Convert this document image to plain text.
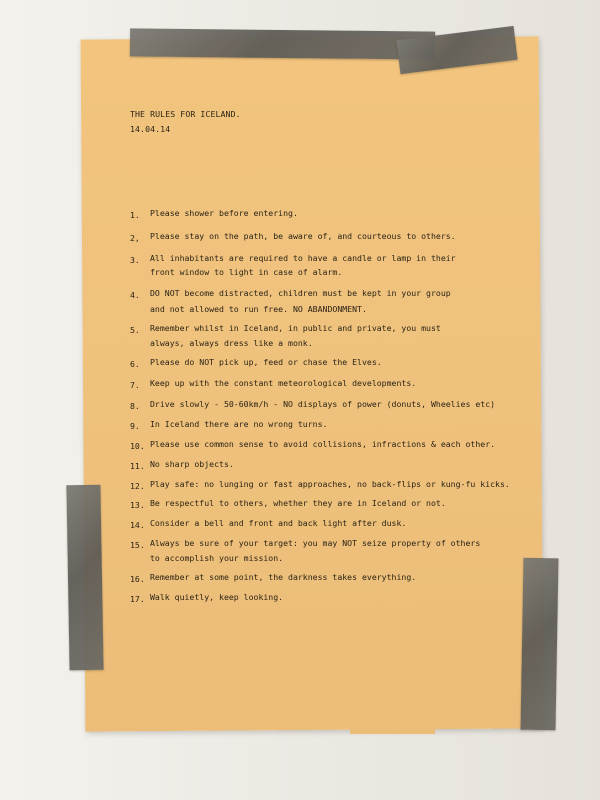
THE RULES FOR ICELAND.
14.04.14
1. Please shower before entering.
2, Please stay on the path, be aware of, and courteous to others.
3. All inhabitants are required to have a candle or lamp in their
front window to light in case of alarm.
4. DO NOT become distracted, children must be kept in your group
and not allowed to run free. NO ABANDONMENT.
5. Remember whilst in Iceland, in public and private, you must
always, always dress like a monk.
6. Please do NOT pick up, feed or chase the Elves.
7. Keep up with the constant meteorological developments.
8. Drive slowly - 50-60km/h - NO displays of power (donuts, Wheelies etc)
9. In Iceland there are no wrong turns.
10. Please use common sense to avoid collisions, infractions & each other.
11. No sharp objects.
12. Play safe: no lunging or fast approaches, no back-flips or kung-fu kicks.
13. Be respectful to others, whether they are in Iceland or not.
14. Consider a bell and front and back light after dusk.
15. Always be sure of your target: you may NOT seize property of others
to accomplish your mission.
16. Remember at some point, the darkness takes everything.
17. Walk quietly, keep looking.
